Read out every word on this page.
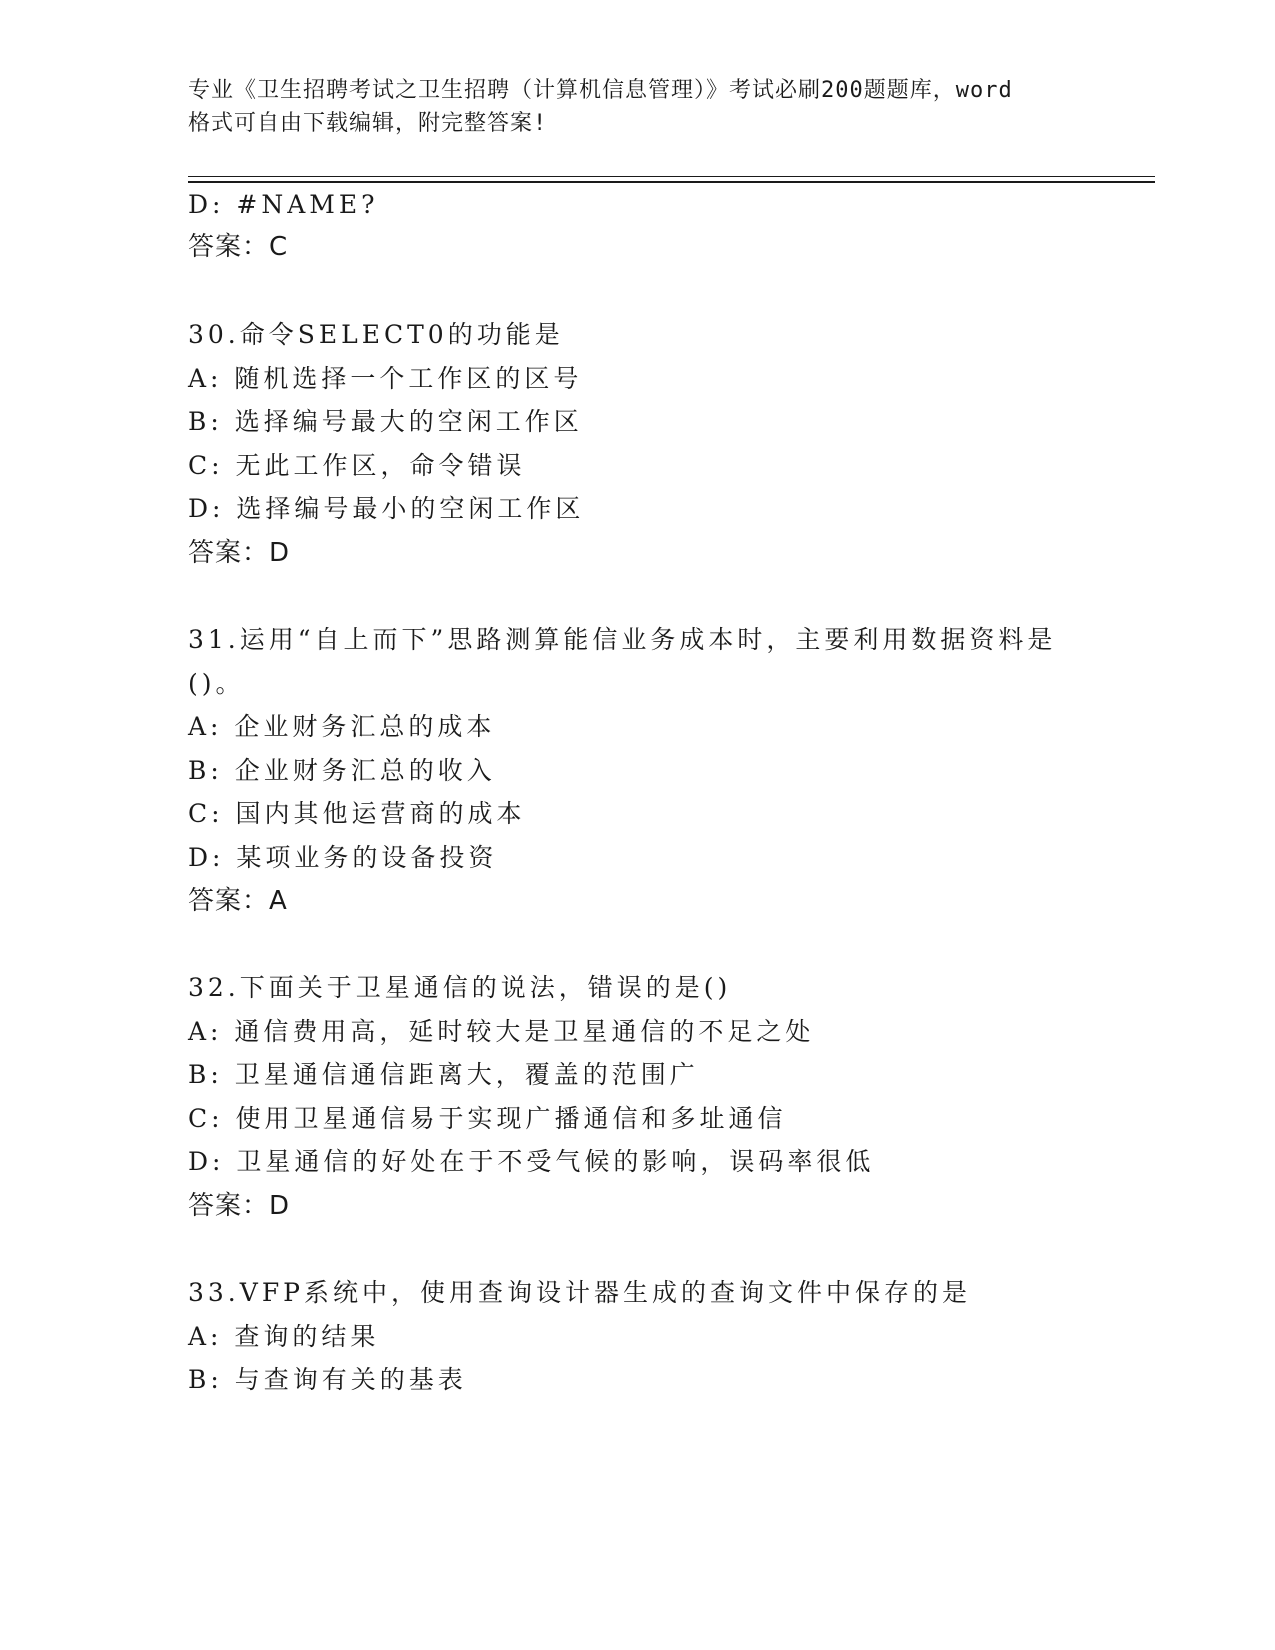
专业《卫生招聘考试之卫生招聘（计算机信息管理）》考试必刷200题题库，word
格式可自由下载编辑，附完整答案!
D: #NAME?
答案：C
30.命令SELECT0的功能是
A: 随机选择一个工作区的区号
B: 选择编号最大的空闲工作区
C: 无此工作区，命令错误
D: 选择编号最小的空闲工作区
答案：D
31.运用“自上而下”思路测算能信业务成本时，主要利用数据资料是
()。
A: 企业财务汇总的成本
B: 企业财务汇总的收入
C: 国内其他运营商的成本
D: 某项业务的设备投资
答案：A
32.下面关于卫星通信的说法，错误的是()
A: 通信费用高，延时较大是卫星通信的不足之处
B: 卫星通信通信距离大，覆盖的范围广
C: 使用卫星通信易于实现广播通信和多址通信
D: 卫星通信的好处在于不受气候的影响，误码率很低
答案：D
33.VFP系统中，使用查询设计器生成的查询文件中保存的是
A: 查询的结果
B: 与查询有关的基表
